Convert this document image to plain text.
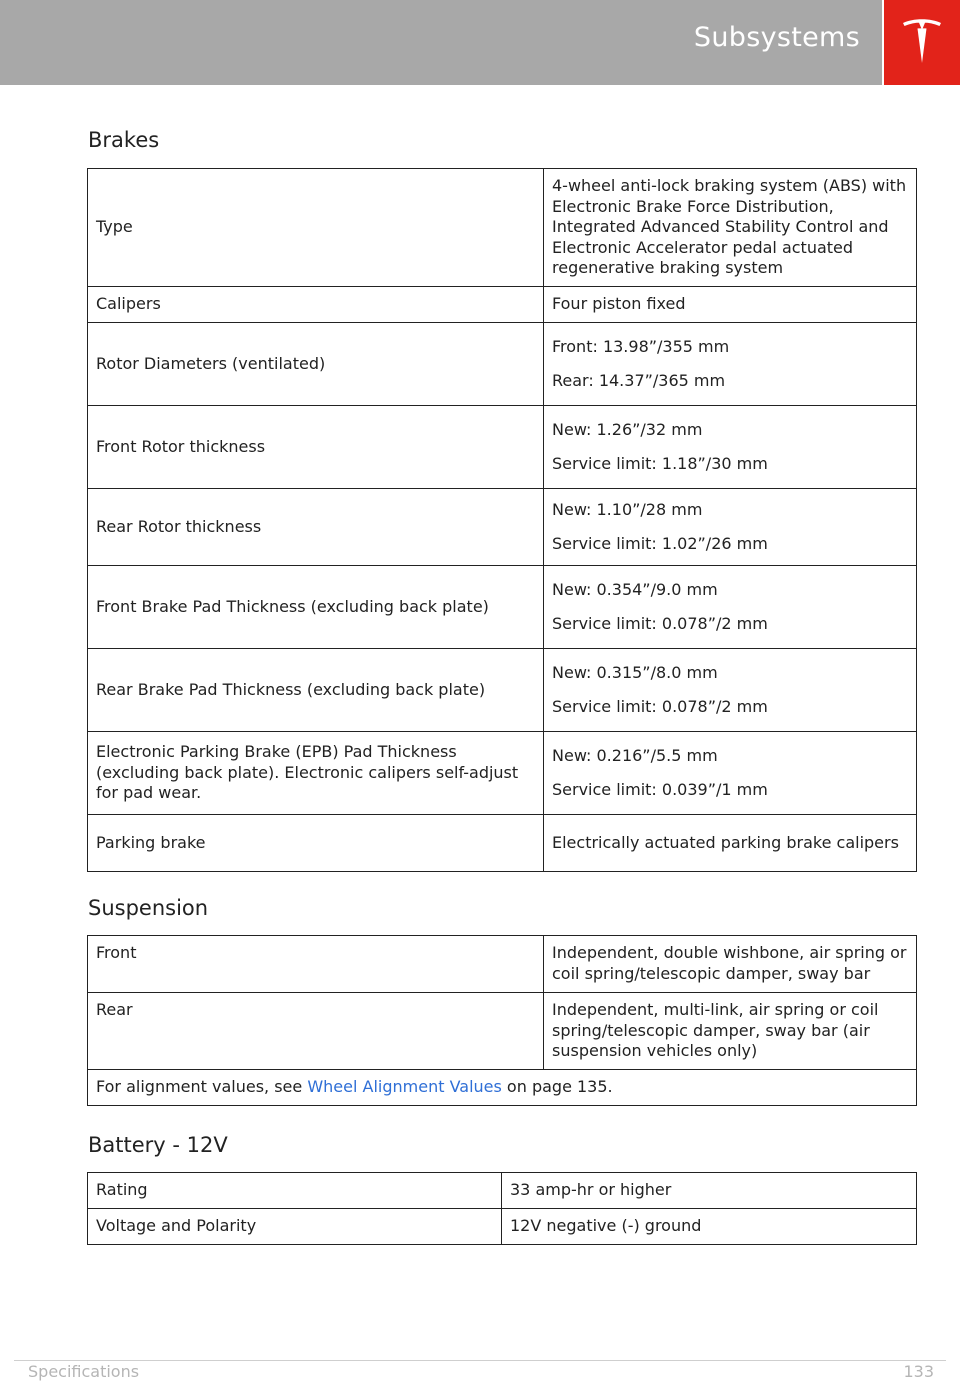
Subsystems
Brakes
Type	4-wheel anti-lock braking system (ABS) with Electronic Brake Force Distribution, Integrated Advanced Stability Control and Electronic Accelerator pedal actuated regenerative braking system

Calipers	Four piston fixed

Rotor Diameters (ventilated)	Front: 13.98”/355 mm

Rear: 14.37”/365 mm

Front Rotor thickness	New: 1.26”/32 mm

Service limit: 1.18”/30 mm

Rear Rotor thickness	New: 1.10”/28 mm

Service limit: 1.02”/26 mm

Front Brake Pad Thickness (excluding back plate)	New: 0.354”/9.0 mm

Service limit: 0.078”/2 mm

Rear Brake Pad Thickness (excluding back plate)	New: 0.315”/8.0 mm

Service limit: 0.078”/2 mm

Electronic Parking Brake (EPB) Pad Thickness (excluding back plate). Electronic calipers self-adjust for pad wear.	New: 0.216”/5.5 mm

Service limit: 0.039”/1 mm

Parking brake	Electrically actuated parking brake calipers

Suspension
Front	Independent, double wishbone, air spring or coil spring/telescopic damper, sway bar
Rear	Independent, multi-link, air spring or coil spring/telescopic damper, sway bar (air suspension vehicles only)
For alignment values, see Wheel Alignment Values on page 135.	
Battery - 12V
Rating	33 amp-hr or higher
Voltage and Polarity	12V negative (-) ground
Specifications	133
